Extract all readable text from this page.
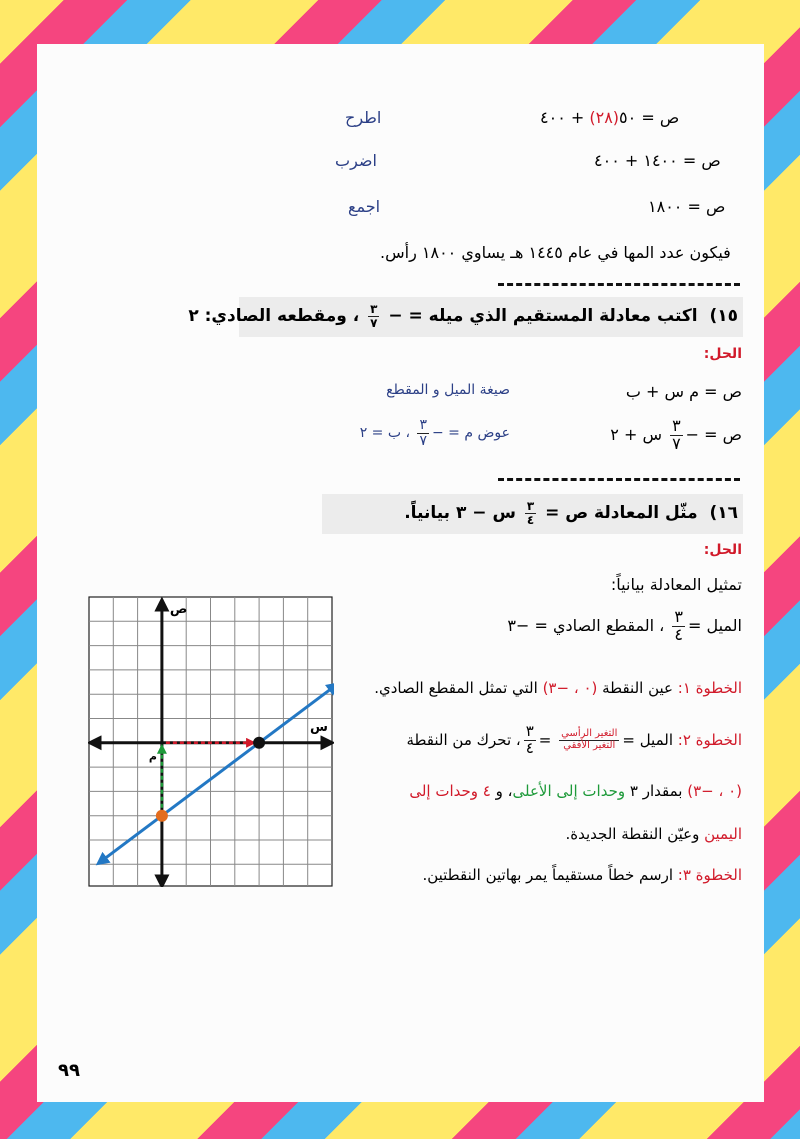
ص = ٥٠(٢٨) + ٤٠٠
اطرح
ص = ١٤٠٠ + ٤٠٠
اضرب
ص = ١٨٠٠
اجمع
فيكون عدد المها في عام ١٤٤٥ هـ يساوي ١٨٠٠ رأس.
١٥)  اكتب معادلة المستقيم الذي ميله = −
$\frac{٣}{٧}$
، ومقطعه الصادي: ٢
الحل:
ص = م س + ب
صيغة الميل و المقطع
ص = −
$\frac{٣}{٧}$
س + ٢
عوض م = −
$\frac{٣}{٧}$
، ب = ٢
١٦)  مثّل المعادلة ص =
$\frac{٣}{٤}$
س − ٣ بيانياً.
الحل:
تمثيل المعادلة بيانياً:
الميل =
$\frac{٣}{٤}$
، المقطع الصادي = −٣
الخطوة ١: عين النقطة (٠ ، −٣) التي تمثل المقطع الصادي.
الخطوة ٢: الميل =
$\frac{\text{التغير الرأسي}}{\text{التغير الأفقي}}$
=
$\frac{٣}{٤}$
، تحرك من النقطة
(٠ ، −٣) بمقدار ٣ وحدات إلى الأعلى، و ٤ وحدات إلى
اليمين وعيّن النقطة الجديدة.
الخطوة ٣: ارسم خطاً مستقيماً يمر بهاتين النقطتين.
س
ص
م
٩٩
